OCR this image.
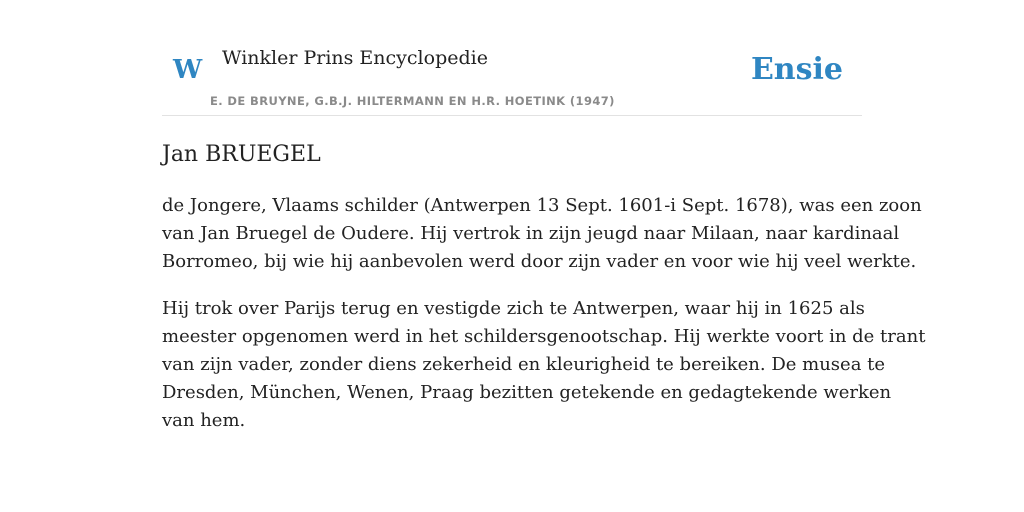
W Winkler Prins Encyclopedie
E. DE BRUYNE, G.B.J. HILTERMANN EN H.R. HOETINK (1947)
Ensie
Jan BRUEGEL

de Jongere, Vlaams schilder (Antwerpen 13 Sept. 1601-i Sept. 1678), was een zoon
van Jan Bruegel de Oudere. Hij vertrok in zijn jeugd naar Milaan, naar kardinaal
Borromeo, bij wie hij aanbevolen werd door zijn vader en voor wie hij veel werkte.

Hij trok over Parijs terug en vestigde zich te Antwerpen, waar hij in 1625 als
meester opgenomen werd in het schildersgenootschap. Hij werkte voort in de trant
van zijn vader, zonder diens zekerheid en kleurigheid te bereiken. De musea te
Dresden, München, Wenen, Praag bezitten getekende en gedagtekende werken
van hem.
